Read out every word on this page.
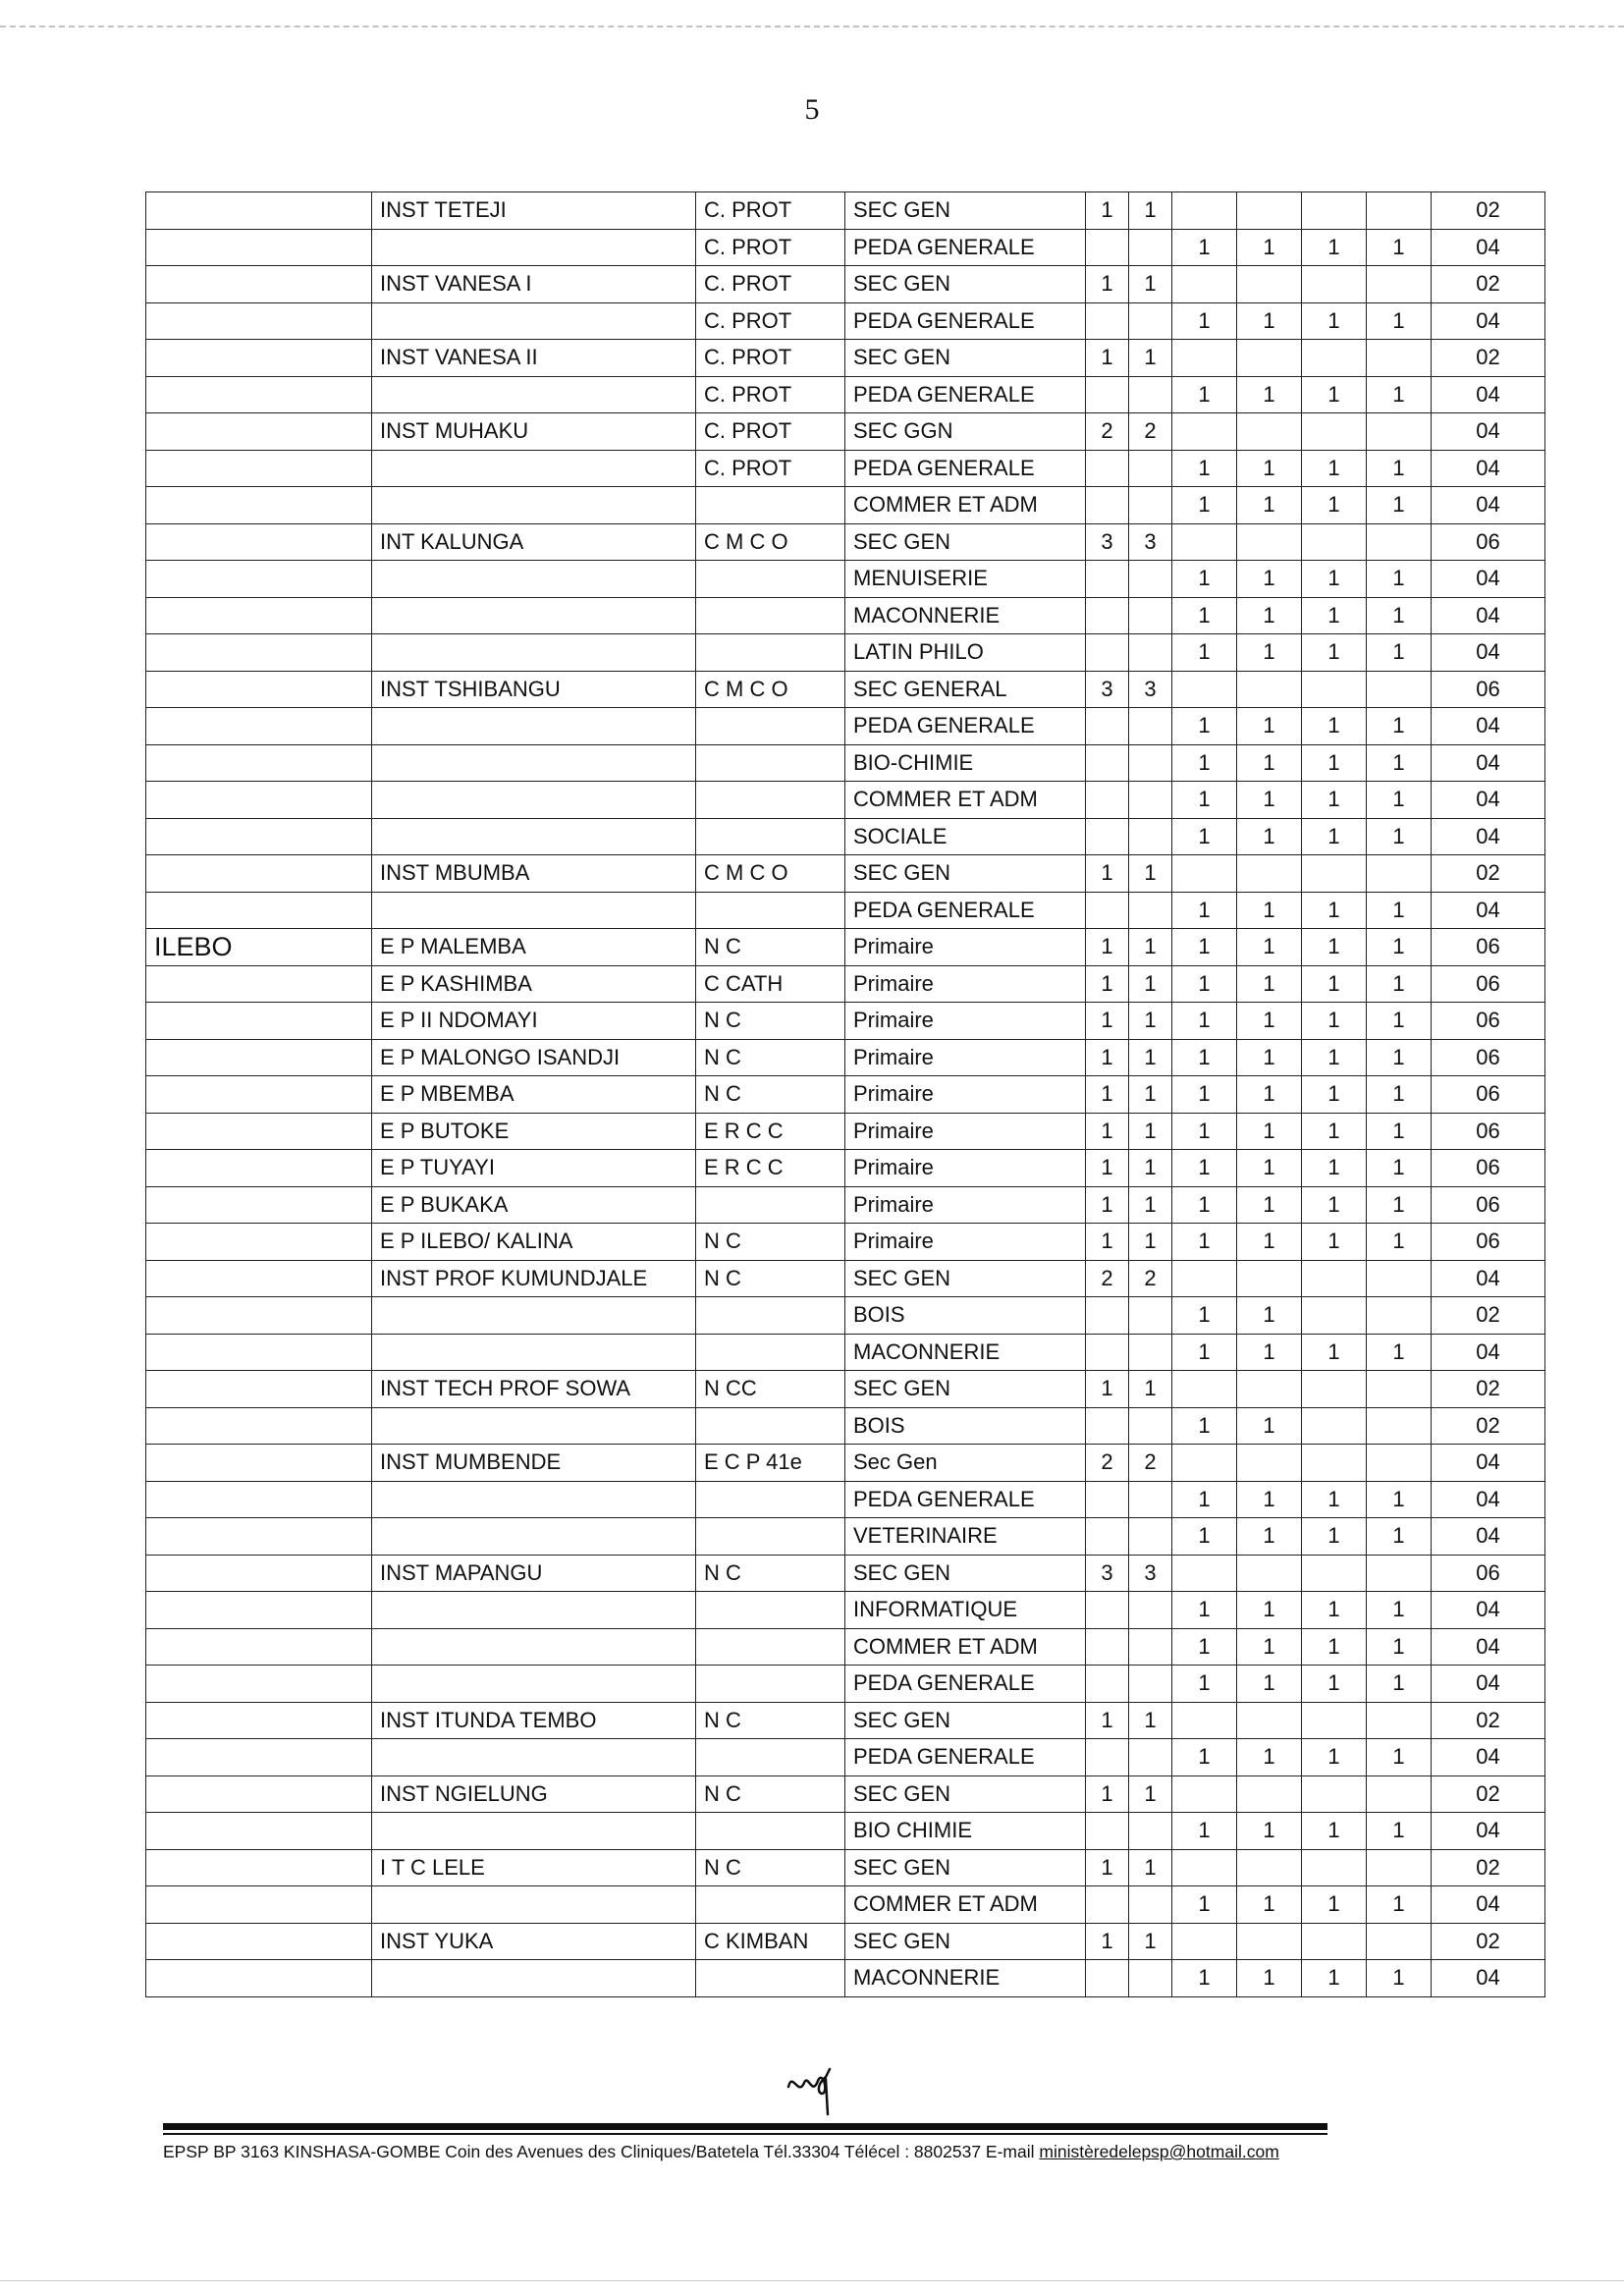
5
	INST TETEJI	C. PROT	SEC GEN	1	1					02
		C. PROT	PEDA GENERALE			1	1	1	1	04
	INST VANESA I	C. PROT	SEC GEN	1	1					02
		C. PROT	PEDA GENERALE			1	1	1	1	04
	INST VANESA II	C. PROT	SEC GEN	1	1					02
		C. PROT	PEDA GENERALE			1	1	1	1	04
	INST MUHAKU	C. PROT	SEC GGN	2	2					04
		C. PROT	PEDA GENERALE			1	1	1	1	04
			COMMER ET ADM			1	1	1	1	04
	INT KALUNGA	C M C O	SEC GEN	3	3					06
			MENUISERIE			1	1	1	1	04
			MACONNERIE			1	1	1	1	04
			LATIN PHILO			1	1	1	1	04
	INST TSHIBANGU	C M C O	SEC GENERAL	3	3					06
			PEDA GENERALE			1	1	1	1	04
			BIO-CHIMIE			1	1	1	1	04
			COMMER ET ADM			1	1	1	1	04
			SOCIALE			1	1	1	1	04
	INST MBUMBA	C M C O	SEC GEN	1	1					02
			PEDA GENERALE			1	1	1	1	04
ILEBO	E P MALEMBA	N C	Primaire	1	1	1	1	1	1	06
	E P KASHIMBA	C CATH	Primaire	1	1	1	1	1	1	06
	E P II NDOMAYI	N C	Primaire	1	1	1	1	1	1	06
	E P MALONGO ISANDJI	N C	Primaire	1	1	1	1	1	1	06
	E P MBEMBA	N C	Primaire	1	1	1	1	1	1	06
	E P BUTOKE	E R C C	Primaire	1	1	1	1	1	1	06
	E P TUYAYI	E R C C	Primaire	1	1	1	1	1	1	06
	E P BUKAKA		Primaire	1	1	1	1	1	1	06
	E P ILEBO/ KALINA	N C	Primaire	1	1	1	1	1	1	06
	INST PROF KUMUNDJALE	N C	SEC GEN	2	2					04
			BOIS			1	1			02
			MACONNERIE			1	1	1	1	04
	INST TECH PROF SOWA	N CC	SEC GEN	1	1					02
			BOIS			1	1			02
	INST MUMBENDE	E C P 41e	Sec Gen	2	2					04
			PEDA GENERALE			1	1	1	1	04
			VETERINAIRE			1	1	1	1	04
	INST MAPANGU	N C	SEC GEN	3	3					06
			INFORMATIQUE			1	1	1	1	04
			COMMER ET ADM			1	1	1	1	04
			PEDA GENERALE			1	1	1	1	04
	INST ITUNDA TEMBO	N C	SEC GEN	1	1					02
			PEDA GENERALE			1	1	1	1	04
	INST NGIELUNG	N C	SEC GEN	1	1					02
			BIO CHIMIE			1	1	1	1	04
	I T C LELE	N C	SEC GEN	1	1					02
			COMMER ET ADM			1	1	1	1	04
	INST YUKA	C KIMBAN	SEC GEN	1	1					02
			MACONNERIE			1	1	1	1	04
EPSP BP 3163 KINSHASA-GOMBE Coin des Avenues des Cliniques/Batetela Tél.33304 Télécel : 8802537 E-mail ministèredelepsp@hotmail.com
